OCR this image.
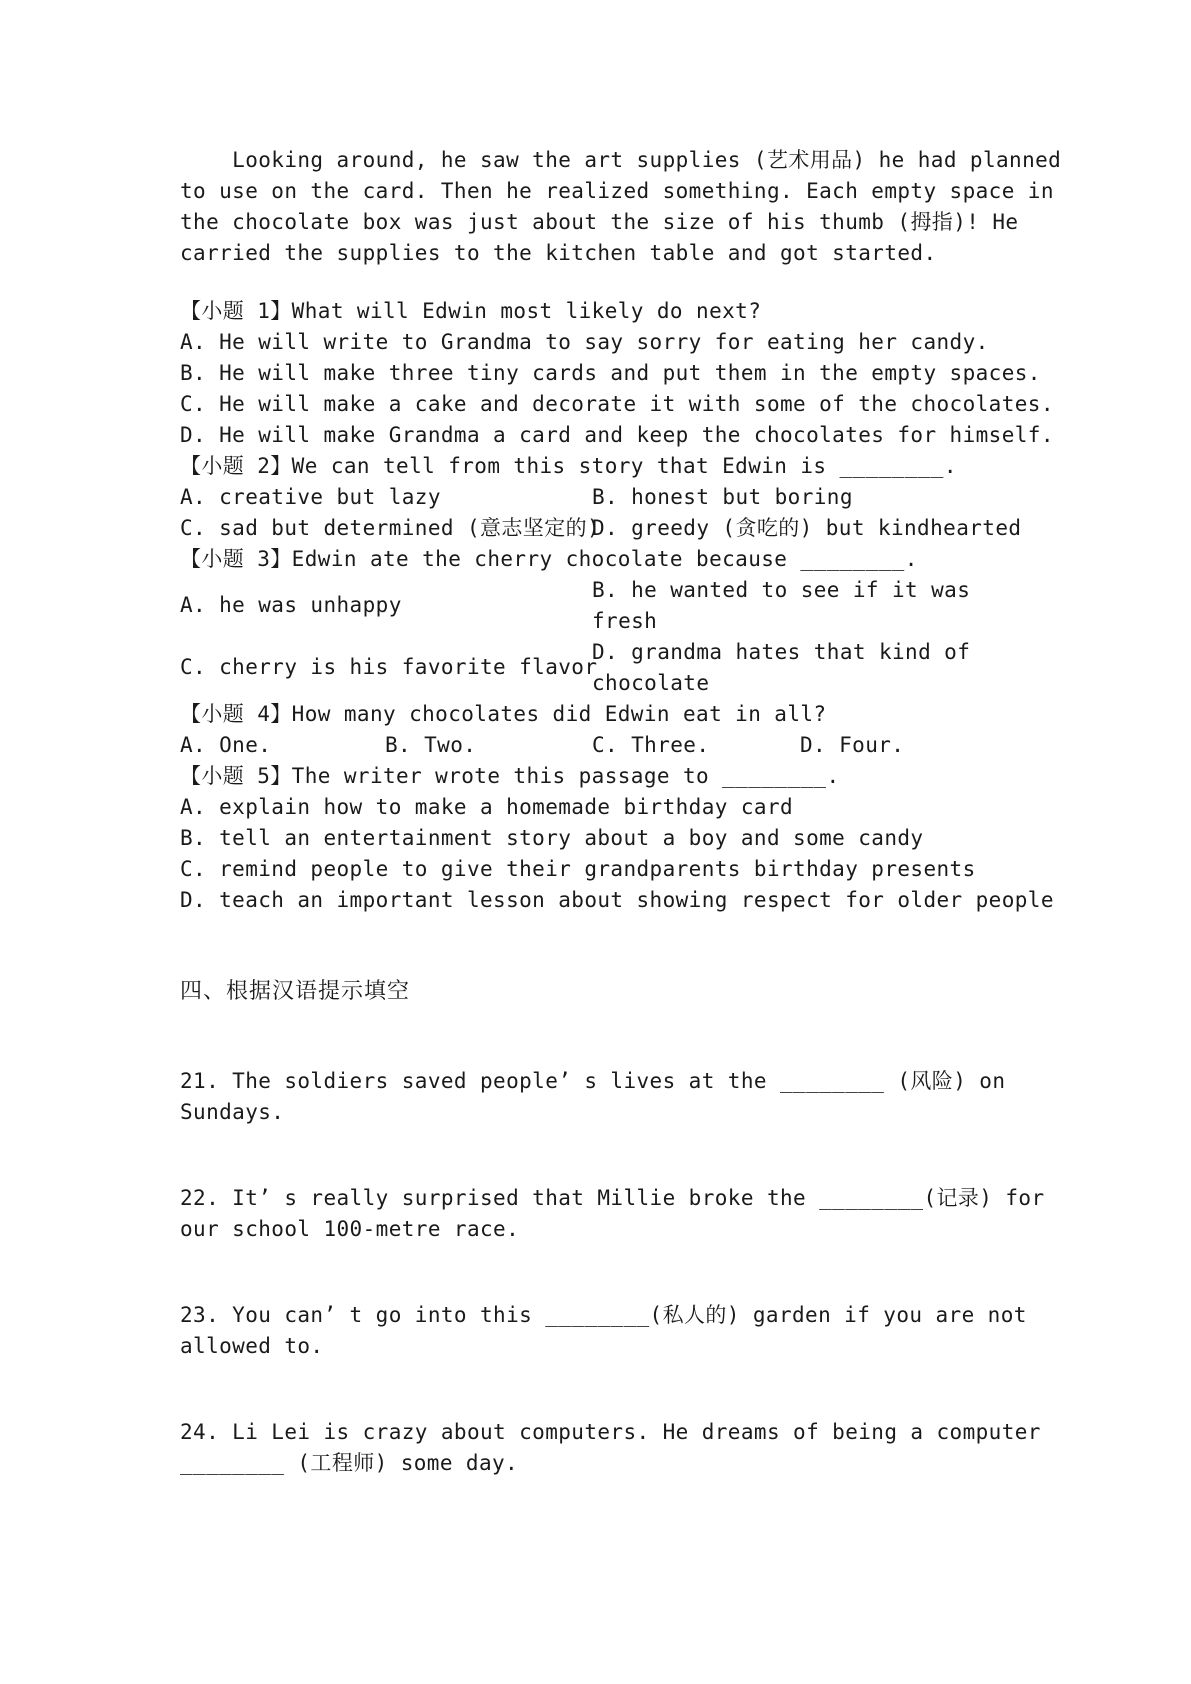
Looking around, he saw the art supplies (艺术用品) he had planned
to use on the card. Then he realized something. Each empty space in
the chocolate box was just about the size of his thumb (拇指)! He
carried the supplies to the kitchen table and got started.
【小题 1】What will Edwin most likely do next?
A. He will write to Grandma to say sorry for eating her candy.
B. He will make three tiny cards and put them in the empty spaces.
C. He will make a cake and decorate it with some of the chocolates.
D. He will make Grandma a card and keep the chocolates for himself.
【小题 2】We can tell from this story that Edwin is ________.
A. creative but lazy	B. honest but boring
C. sad but determined (意志坚定的)
D. greedy (贪吃的) but kindhearted
【小题 3】Edwin ate the cherry chocolate because ________.
A. he was unhappy
B. he wanted to see if it was
fresh
C. cherry is his favorite flavor
D. grandma hates that kind of
chocolate
【小题 4】How many chocolates did Edwin eat in all?
A. One.	B. Two.	C. Three.	D. Four.
【小题 5】The writer wrote this passage to ________.
A. explain how to make a homemade birthday card
B. tell an entertainment story about a boy and some candy
C. remind people to give their grandparents birthday presents
D. teach an important lesson about showing respect for older people
四、根据汉语提示填空
21. The soldiers saved people’ s lives at the ________ (风险) on
Sundays.
22. It’ s really surprised that Millie broke the ________(记录) for
our school 100-metre race.
23. You can’ t go into this ________(私人的) garden if you are not
allowed to.
24. Li Lei is crazy about computers. He dreams of being a computer
________ (工程师) some day.
